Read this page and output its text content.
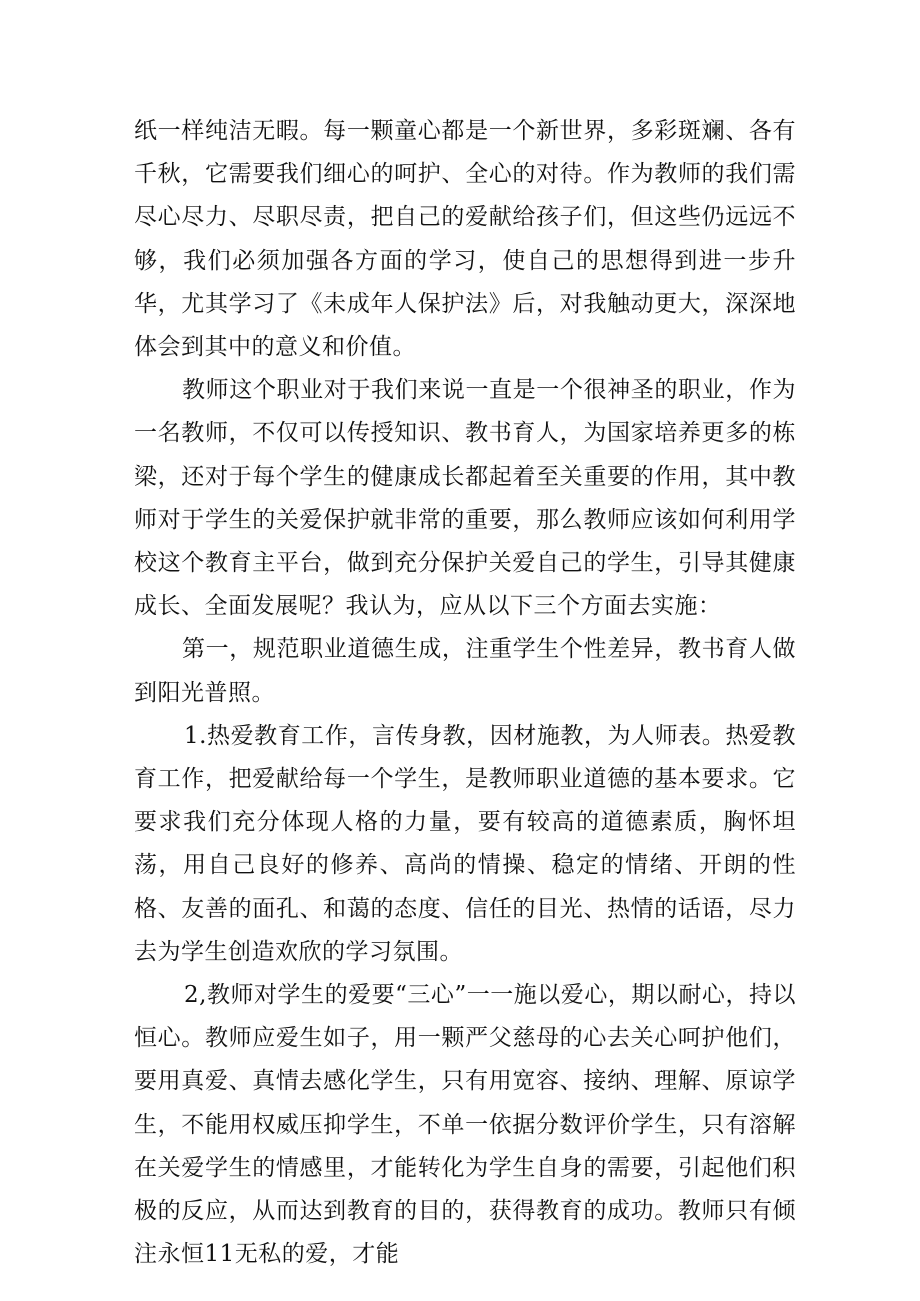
纸一样纯洁无暇。每一颗童心都是一个新世界，多彩斑斓、各有千秋，它需要我们细心的呵护、全心的对待。作为教师的我们需尽心尽力、尽职尽责，把自己的爱献给孩子们，但这些仍远远不够，我们必须加强各方面的学习，使自己的思想得到进一步升华，尤其学习了《未成年人保护法》后，对我触动更大，深深地体会到其中的意义和价值。

教师这个职业对于我们来说一直是一个很神圣的职业，作为一名教师，不仅可以传授知识、教书育人，为国家培养更多的栋梁，还对于每个学生的健康成长都起着至关重要的作用，其中教师对于学生的关爱保护就非常的重要，那么教师应该如何利用学校这个教育主平台，做到充分保护关爱自己的学生，引导其健康成长、全面发展呢？我认为，应从以下三个方面去实施：

第一，规范职业道德生成，注重学生个性差异，教书育人做到阳光普照。

1.热爱教育工作，言传身教，因材施教，为人师表。热爱教育工作，把爱献给每一个学生，是教师职业道德的基本要求。它要求我们充分体现人格的力量，要有较高的道德素质，胸怀坦荡，用自己良好的修养、高尚的情操、稳定的情绪、开朗的性格、友善的面孔、和蔼的态度、信任的目光、热情的话语，尽力去为学生创造欢欣的学习氛围。

2,教师对学生的爱要“三心”一一施以爱心，期以耐心，持以恒心。教师应爱生如子，用一颗严父慈母的心去关心呵护他们，要用真爱、真情去感化学生，只有用宽容、接纳、理解、原谅学生，不能用权威压抑学生，不单一依据分数评价学生，只有溶解在关爱学生的情感里，才能转化为学生自身的需要，引起他们积极的反应，从而达到教育的目的，获得教育的成功。教师只有倾注永恒11无私的爱，才能
